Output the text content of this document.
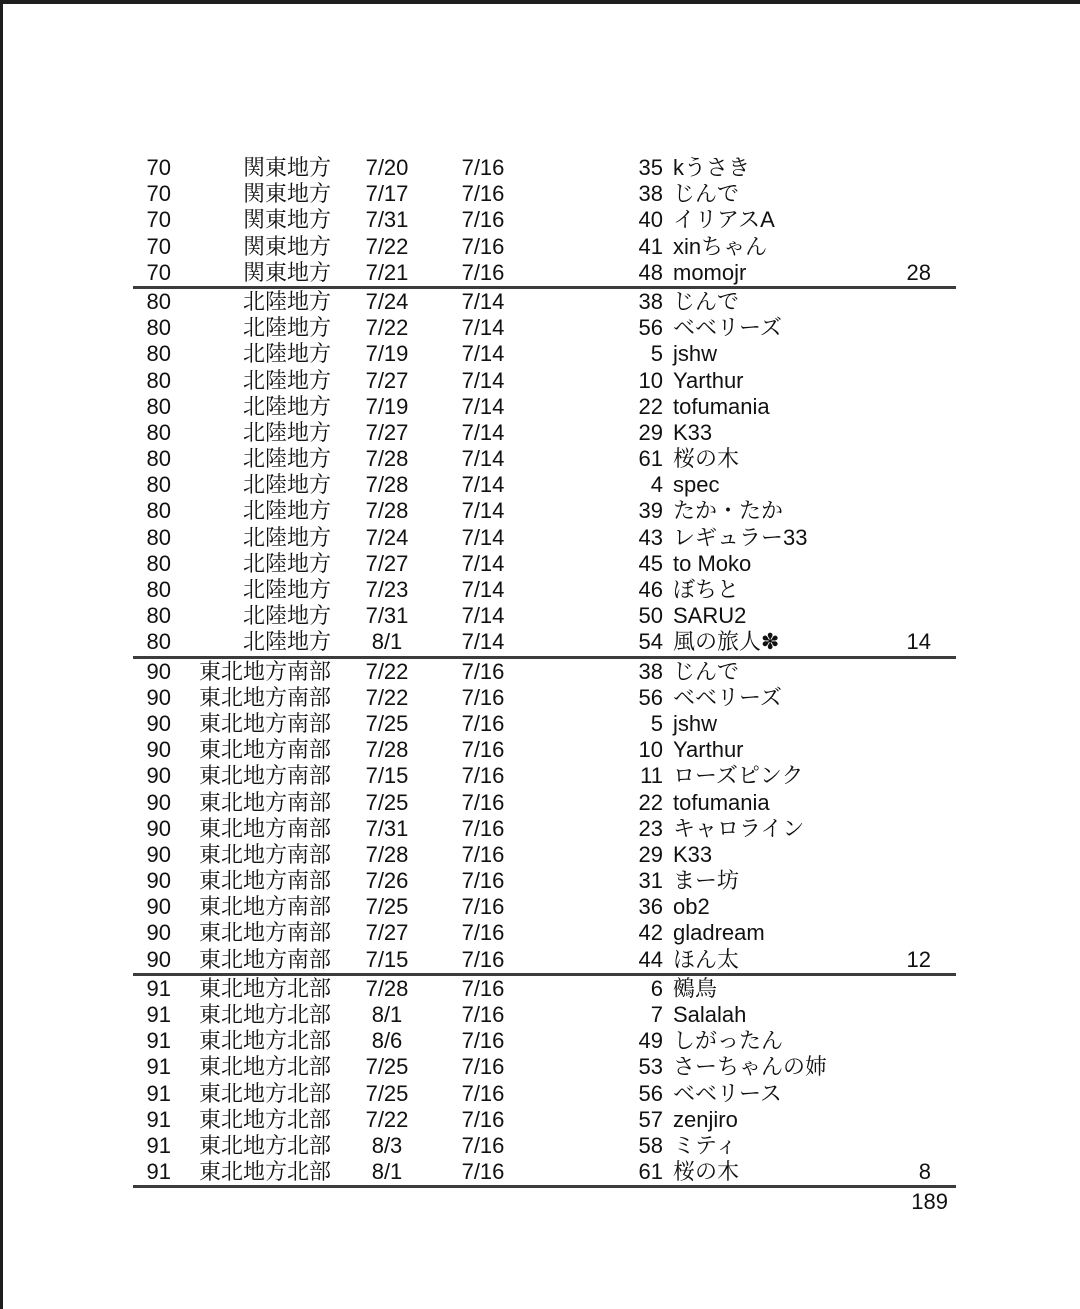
70	関東地方	7/20	7/16	35 kうさき
70	関東地方	7/17	7/16	38 じんで
70	関東地方	7/31	7/16	40 イリアスA
70	関東地方	7/22	7/16	41 xinちゃん
70	関東地方	7/21	7/16	48 momojr	28
80	北陸地方	7/24	7/14	38 じんで
80	北陸地方	7/22	7/14	56 ベベリーズ
80	北陸地方	7/19	7/14	5 jshw
80	北陸地方	7/27	7/14	10 Yarthur
80	北陸地方	7/19	7/14	22 tofumania
80	北陸地方	7/27	7/14	29 K33
80	北陸地方	7/28	7/14	61 桜の木
80	北陸地方	7/28	7/14	4 spec
80	北陸地方	7/28	7/14	39 たか・たか
80	北陸地方	7/24	7/14	43 レギュラー33
80	北陸地方	7/27	7/14	45 to Moko
80	北陸地方	7/23	7/14	46 ぼちと
80	北陸地方	7/31	7/14	50 SARU2
80	北陸地方	8/1	7/14	54 風の旅人✽	14
90	東北地方南部	7/22	7/16	38 じんで
90	東北地方南部	7/22	7/16	56 ベベリーズ
90	東北地方南部	7/25	7/16	5 jshw
90	東北地方南部	7/28	7/16	10 Yarthur
90	東北地方南部	7/15	7/16	11 ローズピンク
90	東北地方南部	7/25	7/16	22 tofumania
90	東北地方南部	7/31	7/16	23 キャロライン
90	東北地方南部	7/28	7/16	29 K33
90	東北地方南部	7/26	7/16	31 まー坊
90	東北地方南部	7/25	7/16	36 ob2
90	東北地方南部	7/27	7/16	42 gladream
90	東北地方南部	7/15	7/16	44 ほん太	12
91	東北地方北部	7/28	7/16	6 鵺鳥
91	東北地方北部	8/1	7/16	7 Salalah
91	東北地方北部	8/6	7/16	49 しがったん
91	東北地方北部	7/25	7/16	53 さーちゃんの姉
91	東北地方北部	7/25	7/16	56 ベベリース
91	東北地方北部	7/22	7/16	57 zenjiro
91	東北地方北部	8/3	7/16	58 ミティ
91	東北地方北部	8/1	7/16	61 桜の木	8
189
